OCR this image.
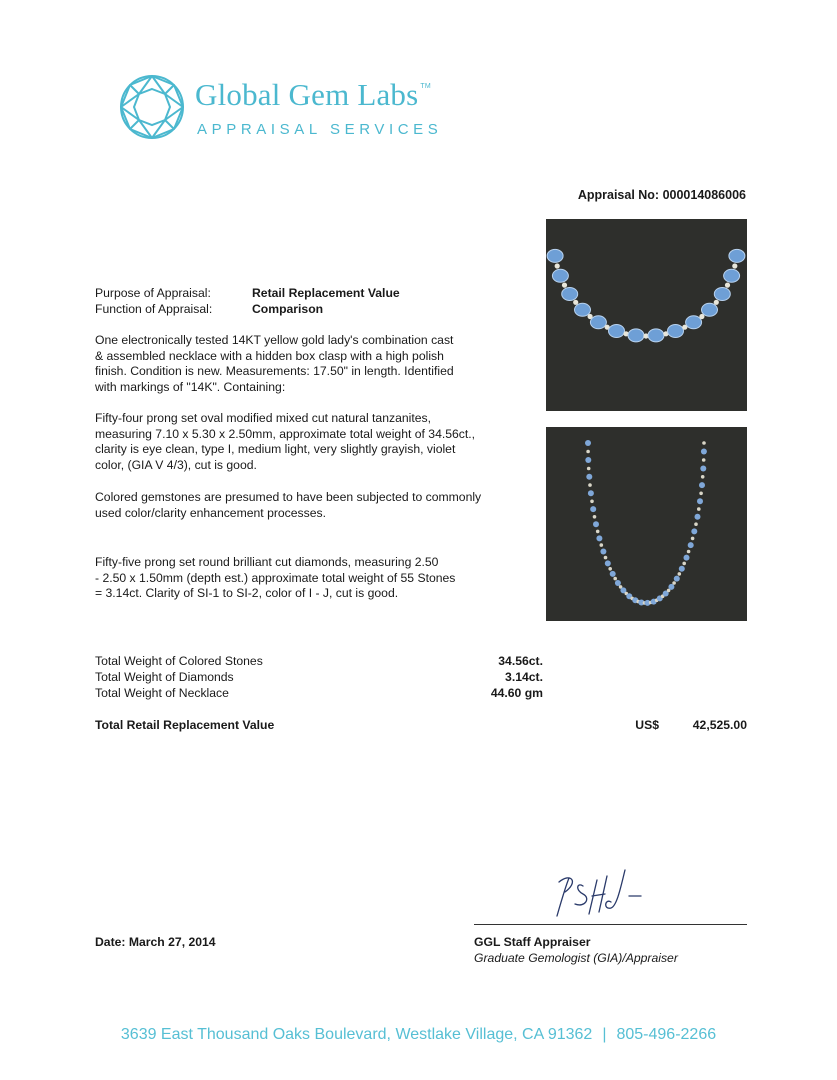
Global Gem Labs ™
APPRAISAL SERVICES
Appraisal No: 000014086006
Purpose of Appraisal:	Retail Replacement Value
Function of Appraisal:	Comparison
One electronically tested 14KT yellow gold lady's combination cast
& assembled necklace with a hidden box clasp with a high polish
finish. Condition is new. Measurements: 17.50" in length. Identified
with markings of "14K". Containing:
Fifty-four prong set oval modified mixed cut natural tanzanites,
measuring 7.10 x 5.30 x 2.50mm, approximate total weight of 34.56ct.,
clarity is eye clean, type I, medium light, very slightly grayish, violet
color, (GIA V 4/3), cut is good.
Colored gemstones are presumed to have been subjected to commonly
used color/clarity enhancement processes.
Fifty-five prong set round brilliant cut diamonds, measuring 2.50
- 2.50 x 1.50mm (depth est.) approximate total weight of 55 Stones
= 3.14ct. Clarity of SI-1 to SI-2, color of I - J, cut is good.
Total Weight of Colored Stones	34.56ct.
Total Weight of Diamonds	3.14ct.
Total Weight of Necklace	44.60 gm
Total Retail Replacement Value	US$	42,525.00
Date: March 27, 2014	GGL Staff Appraiser
Graduate Gemologist (GIA)/Appraiser
3639 East Thousand Oaks Boulevard, Westlake Village, CA 91362 | 805-496-2266
